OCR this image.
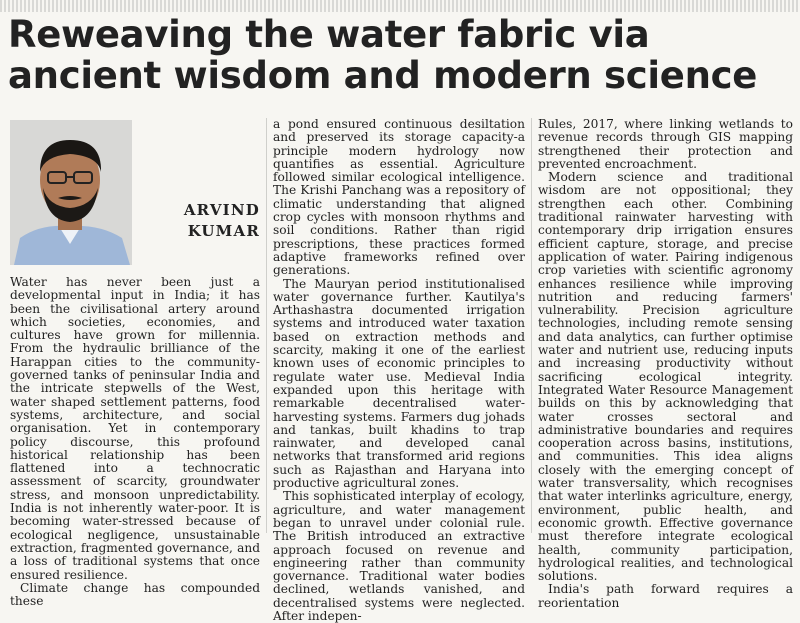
Reweaving the water fabric via ancient wisdom and modern science
ARVIND
KUMAR

Water has never been just a developmental input in India; it has been the civilisational artery around which societies, economies, and cultures have grown for millennia. From the hydraulic brilliance of the Harappan cities to the community-governed tanks of peninsular India and the intricate stepwells of the West, water shaped settlement patterns, food systems, architecture, and social organisation. Yet in contemporary policy discourse, this profound historical relationship has been flattened into a technocratic assessment of scarcity, groundwater stress, and monsoon unpredictability. India is not inherently water-poor. It is becoming water-stressed because of ecological negligence, unsustainable extraction, fragmented governance, and a loss of traditional systems that once ensured resilience.

Climate change has compounded these

a pond ensured continuous desiltation and preserved its storage capacity-a principle modern hydrology now quantifies as essential. Agriculture followed similar ecological intelligence. The Krishi Panchang was a repository of climatic understanding that aligned crop cycles with monsoon rhythms and soil conditions. Rather than rigid prescriptions, these practices formed adaptive frameworks refined over generations.

The Mauryan period institutionalised water governance further. Kautilya's Arthashastra documented irrigation systems and introduced water taxation based on extraction methods and scarcity, making it one of the earliest known uses of economic principles to regulate water use. Medieval India expanded upon this heritage with remarkable decentralised water-harvesting systems. Farmers dug johads and tankas, built khadins to trap rainwater, and developed canal networks that transformed arid regions such as Rajasthan and Haryana into productive agricultural zones.

This sophisticated interplay of ecology, agriculture, and water management began to unravel under colonial rule. The British introduced an extractive approach focused on revenue and engineering rather than community governance. Traditional water bodies declined, wetlands vanished, and decentralised systems were neglected. After indepen-

Rules, 2017, where linking wetlands to revenue records through GIS mapping strengthened their protection and prevented encroachment.

Modern science and traditional wisdom are not oppositional; they strengthen each other. Combining traditional rainwater harvesting with contemporary drip irrigation ensures efficient capture, storage, and precise application of water. Pairing indigenous crop varieties with scientific agronomy enhances resilience while improving nutrition and reducing farmers' vulnerability. Precision agriculture technologies, including remote sensing and data analytics, can further optimise water and nutrient use, reducing inputs and increasing productivity without sacrificing ecological integrity. Integrated Water Resource Management builds on this by acknowledging that water crosses sectoral and administrative boundaries and requires cooperation across basins, institutions, and communities. This idea aligns closely with the emerging concept of water transversality, which recognises that water interlinks agriculture, energy, environment, public health, and economic growth. Effective governance must therefore integrate ecological health, community participation, hydrological realities, and technological solutions.

India's path forward requires a reorientation
